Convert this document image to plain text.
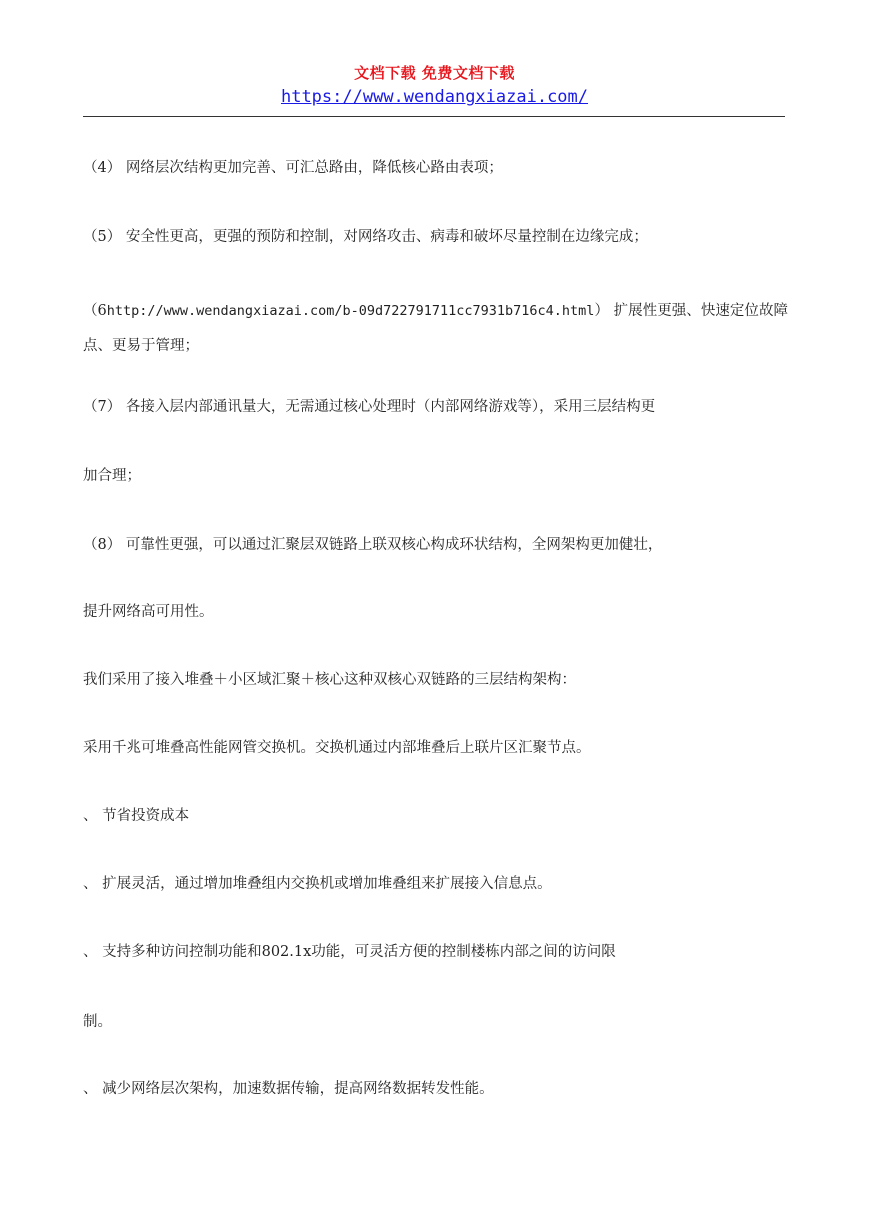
文档下载 免费文档下载
https://www.wendangxiazai.com/

（4） 网络层次结构更加完善、可汇总路由，降低核心路由表项；

（5） 安全性更高，更强的预防和控制，对网络攻击、病毒和破坏尽量控制在边缘完成；

（6http://www.wendangxiazai.com/b-09d722791711cc7931b716c4.html） 扩展性更强、快速定位故障点、更易于管理；

（7） 各接入层内部通讯量大，无需通过核心处理时（内部网络游戏等），采用三层结构更

加合理；

（8） 可靠性更强，可以通过汇聚层双链路上联双核心构成环状结构，全网架构更加健壮，

提升网络高可用性。

我们采用了接入堆叠＋小区域汇聚＋核心这种双核心双链路的三层结构架构：

采用千兆可堆叠高性能网管交换机。交换机通过内部堆叠后上联片区汇聚节点。

、 节省投资成本

、 扩展灵活，通过增加堆叠组内交换机或增加堆叠组来扩展接入信息点。

、 支持多种访问控制功能和802.1x功能，可灵活方便的控制楼栋内部之间的访问限

制。

、 减少网络层次架构，加速数据传输，提高网络数据转发性能。
